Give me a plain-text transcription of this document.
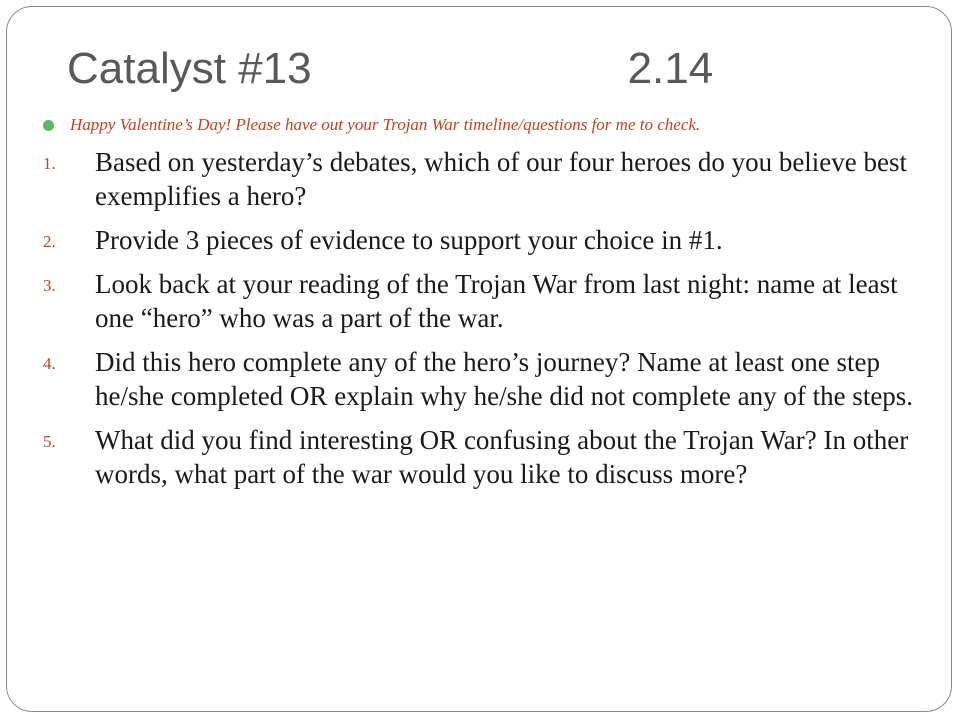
Catalyst #13	2.14
Happy Valentine’s Day! Please have out your Trojan War timeline/questions for me to check.
1.	Based on yesterday’s debates, which of our four heroes do you believe best exemplifies a hero?
2.	Provide 3 pieces of evidence to support your choice in #1.
3.	Look back at your reading of the Trojan War from last night: name at least one “hero” who was a part of the war.
4.	Did this hero complete any of the hero’s journey? Name at least one step he/she completed OR explain why he/she did not complete any of the steps.
5.	What did you find interesting OR confusing about the Trojan War? In other words, what part of the war would you like to discuss more?
